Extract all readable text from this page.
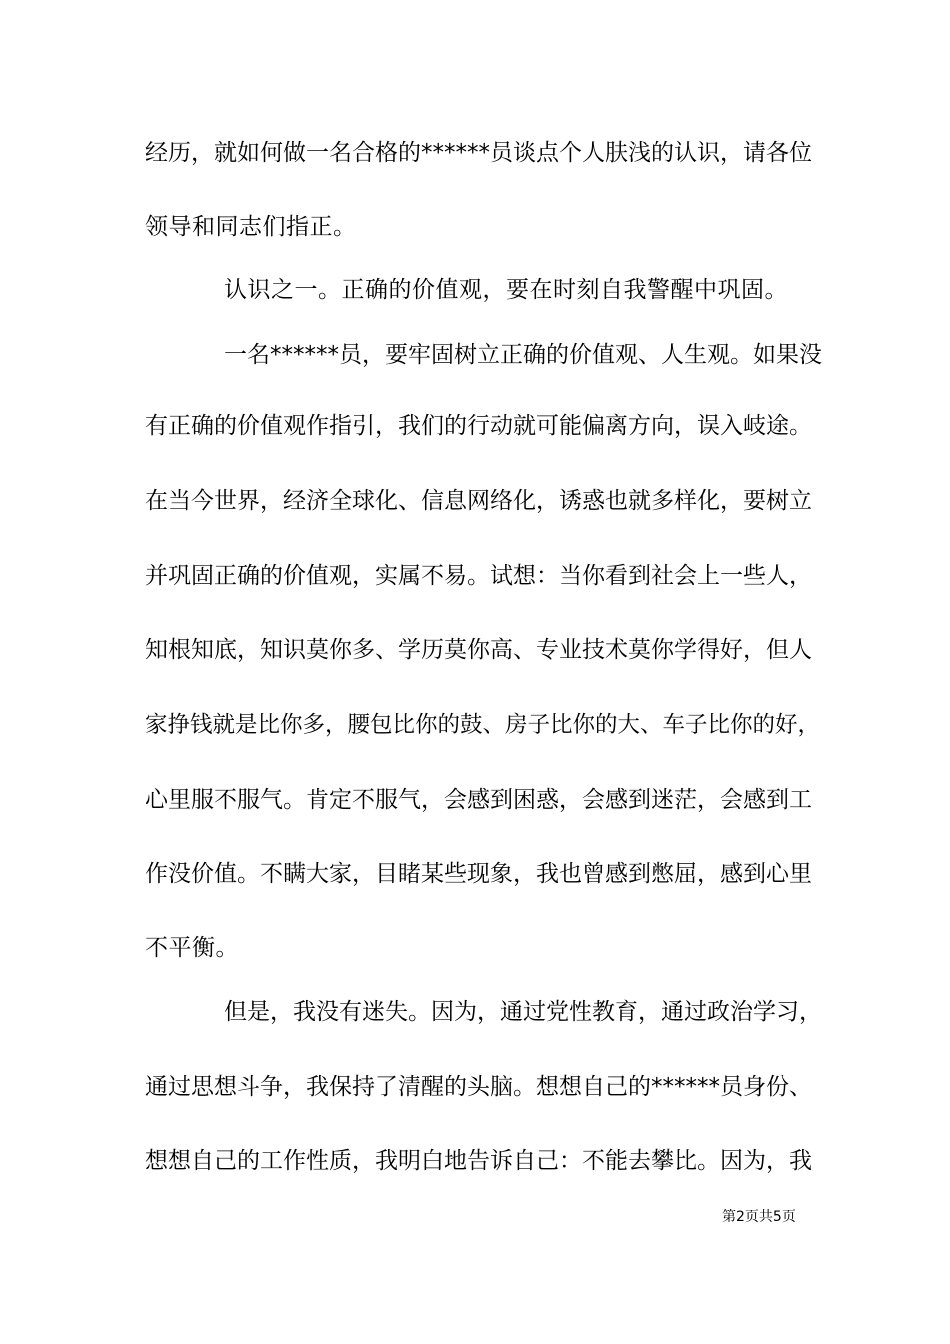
经历，就如何做一名合格的******员谈点个人肤浅的认识，请各位
领导和同志们指正。
认识之一。正确的价值观，要在时刻自我警醒中巩固。
一名******员，要牢固树立正确的价值观、人生观。如果没
有正确的价值观作指引，我们的行动就可能偏离方向，误入岐途。
在当今世界，经济全球化、信息网络化，诱惑也就多样化，要树立
并巩固正确的价值观，实属不易。试想：当你看到社会上一些人，
知根知底，知识莫你多、学历莫你高、专业技术莫你学得好，但人
家挣钱就是比你多，腰包比你的鼓、房子比你的大、车子比你的好，
心里服不服气。肯定不服气，会感到困惑，会感到迷茫，会感到工
作没价值。不瞒大家，目睹某些现象，我也曾感到憋屈，感到心里
不平衡。
但是，我没有迷失。因为，通过党性教育，通过政治学习，
通过思想斗争，我保持了清醒的头脑。想想自己的******员身份、
想想自己的工作性质，我明白地告诉自己：不能去攀比。因为，我
第2页共5页
